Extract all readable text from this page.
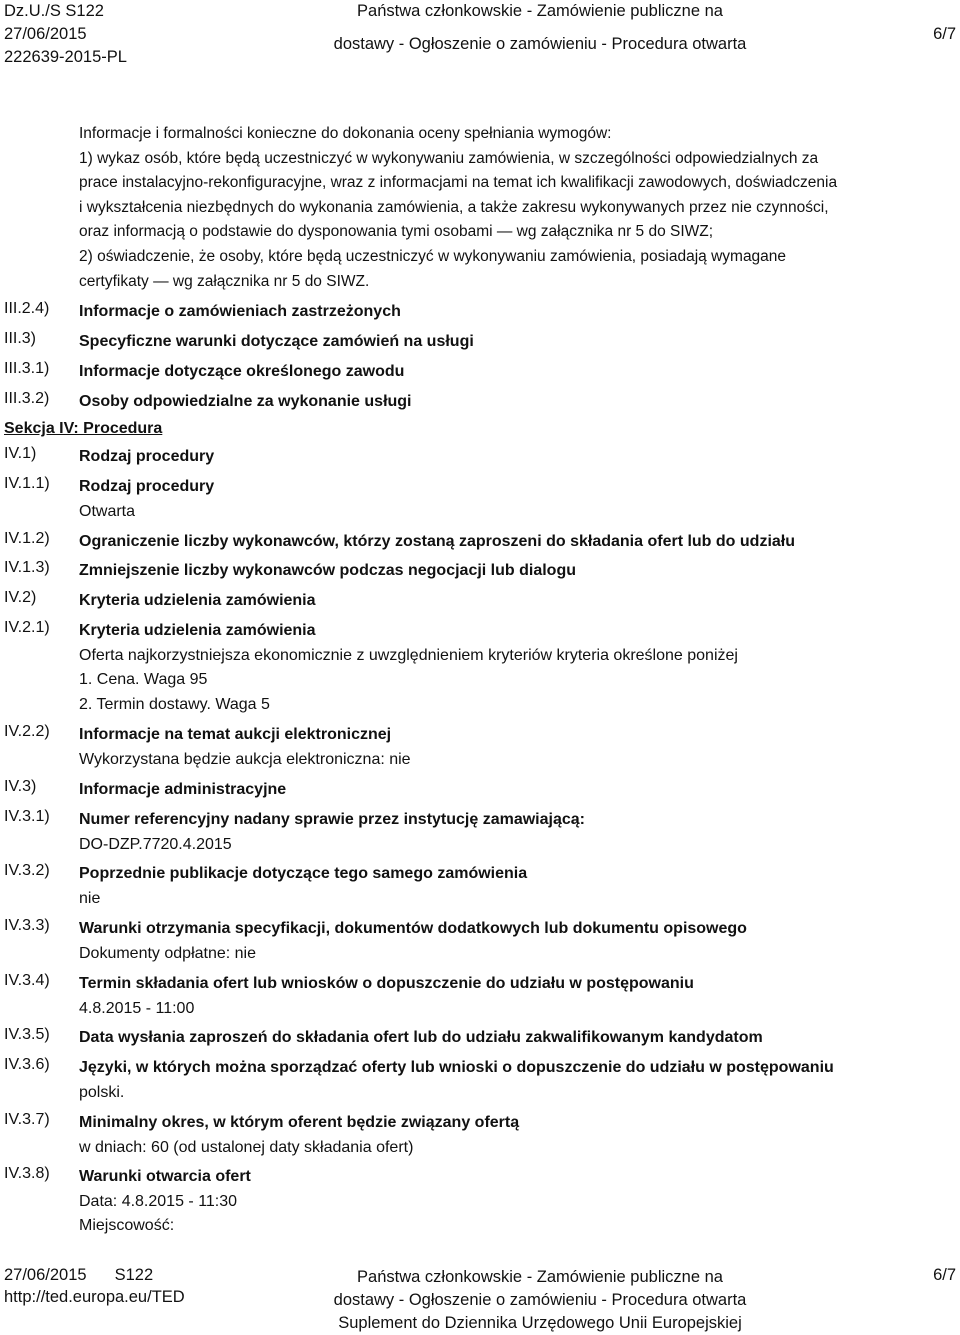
Dz.U./S S122
27/06/2015
222639-2015-PL
Państwa członkowskie - Zamówienie publiczne na
dostawy - Ogłoszenie o zamówieniu - Procedura otwarta
6/7

Informacje i formalności konieczne do dokonania oceny spełniania wymogów:

1) wykaz osób, które będą uczestniczyć w wykonywaniu zamówienia, w szczególności odpowiedzialnych za

prace instalacyjno-rekonfiguracyjne, wraz z informacjami na temat ich kwalifikacji zawodowych, doświadczenia

i wykształcenia niezbędnych do wykonania zamówienia, a także zakresu wykonywanych przez nie czynności,

oraz informacją o podstawie do dysponowania tymi osobami — wg załącznika nr 5 do SIWZ;

2) oświadczenie, że osoby, które będą uczestniczyć w wykonywaniu zamówienia, posiadają wymagane

certyfikaty — wg załącznika nr 5 do SIWZ.

III.2.4) Informacje o zamówieniach zastrzeżonych
III.3)	Specyficzne warunki dotyczące zamówień na usługi
III.3.1) Informacje dotyczące określonego zawodu
III.3.2) Osoby odpowiedzialne za wykonanie usługi
Sekcja IV: Procedura
IV.1)	Rodzaj procedury
IV.1.1) Rodzaj procedury
Otwarta
IV.1.2) Ograniczenie liczby wykonawców, którzy zostaną zaproszeni do składania ofert lub do udziału
IV.1.3) Zmniejszenie liczby wykonawców podczas negocjacji lub dialogu
IV.2)	Kryteria udzielenia zamówienia
IV.2.1) Kryteria udzielenia zamówienia
Oferta najkorzystniejsza ekonomicznie z uwzględnieniem kryteriów kryteria określone poniżej
1. Cena. Waga 95
2. Termin dostawy. Waga 5
IV.2.2) Informacje na temat aukcji elektronicznej
Wykorzystana będzie aukcja elektroniczna: nie
IV.3)	Informacje administracyjne
IV.3.1) Numer referencyjny nadany sprawie przez instytucję zamawiającą:
DO-DZP.7720.4.2015
IV.3.2) Poprzednie publikacje dotyczące tego samego zamówienia
nie
IV.3.3) Warunki otrzymania specyfikacji, dokumentów dodatkowych lub dokumentu opisowego
Dokumenty odpłatne: nie
IV.3.4) Termin składania ofert lub wniosków o dopuszczenie do udziału w postępowaniu
4.8.2015 - 11:00
IV.3.5) Data wysłania zaproszeń do składania ofert lub do udziału zakwalifikowanym kandydatom
IV.3.6) Języki, w których można sporządzać oferty lub wnioski o dopuszczenie do udziału w postępowaniu
polski.
IV.3.7) Minimalny okres, w którym oferent będzie związany ofertą
w dniach: 60 (od ustalonej daty składania ofert)
IV.3.8) Warunki otwarcia ofert
Data: 4.8.2015 - 11:30
Miejscowość:
27/06/2015 S122
http://ted.europa.eu/TED
Państwa członkowskie - Zamówienie publiczne na
dostawy - Ogłoszenie o zamówieniu - Procedura otwarta
Suplement do Dziennika Urzędowego Unii Europejskiej
6/7
